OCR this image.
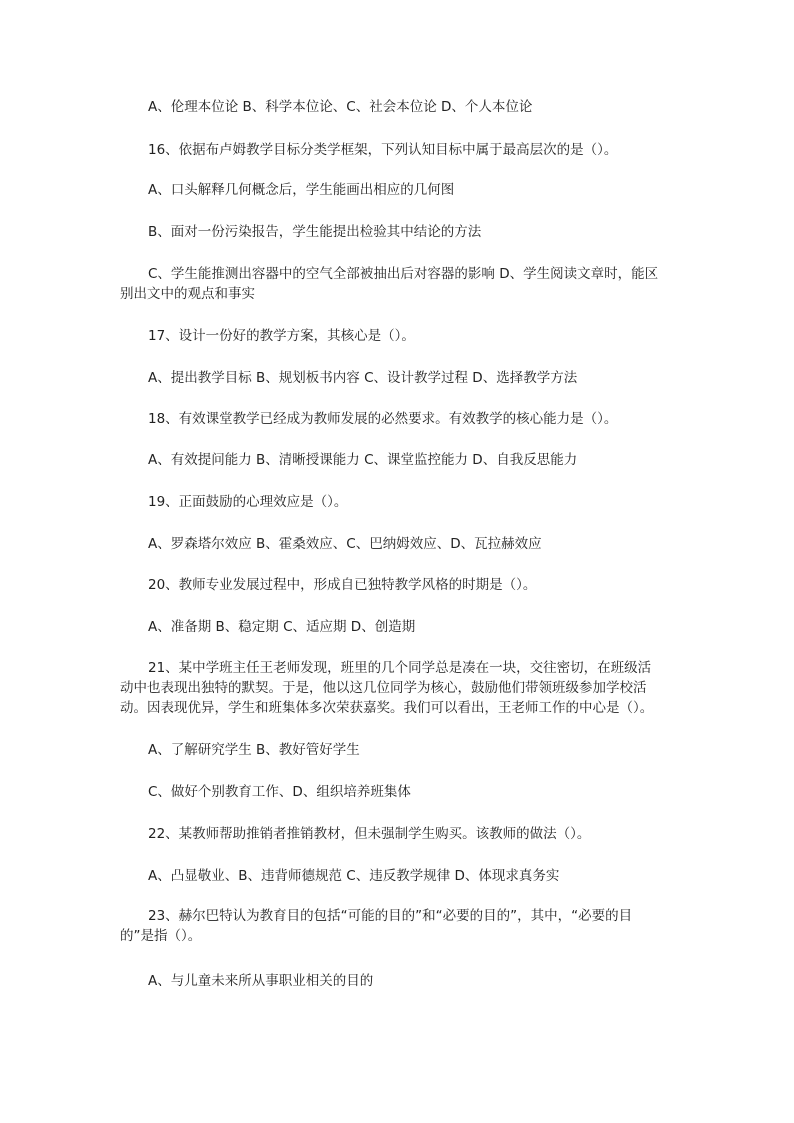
A、伦理本位论 B、科学本位论、C、社会本位论 D、个人本位论
16、依据布卢姆教学目标分类学框架，下列认知目标中属于最高层次的是（）。
A、口头解释几何概念后，学生能画出相应的几何图
B、面对一份污染报告，学生能提出检验其中结论的方法
C、学生能推测出容器中的空气全部被抽出后对容器的影响 D、学生阅读文章时，能区
别出文中的观点和事实
17、设计一份好的教学方案，其核心是（）。
A、提出教学目标 B、规划板书内容 C、设计教学过程 D、选择教学方法
18、有效课堂教学已经成为教师发展的必然要求。有效教学的核心能力是（）。
A、有效提问能力 B、清晰授课能力 C、课堂监控能力 D、自我反思能力
19、正面鼓励的心理效应是（）。
A、罗森塔尔效应 B、霍桑效应、C、巴纳姆效应、D、瓦拉赫效应
20、教师专业发展过程中，形成自已独特教学风格的时期是（）。
A、准备期 B、稳定期 C、适应期 D、创造期
21、某中学班主任王老师发现，班里的几个同学总是凑在一块，交往密切，在班级活
动中也表现出独特的默契。于是，他以这几位同学为核心，鼓励他们带领班级参加学校活
动。因表现优异，学生和班集体多次荣获嘉奖。我们可以看出，王老师工作的中心是（）。
A、了解研究学生 B、教好管好学生
C、做好个别教育工作、D、组织培养班集体
22、某教师帮助推销者推销教材，但未强制学生购买。该教师的做法（）。
A、凸显敬业、B、违背师德规范 C、违反教学规律 D、体现求真务实
23、赫尔巴特认为教育目的包括“可能的目的”和“必要的目的”，其中，“必要的目
的”是指（）。
A、与儿童未来所从事职业相关的目的
